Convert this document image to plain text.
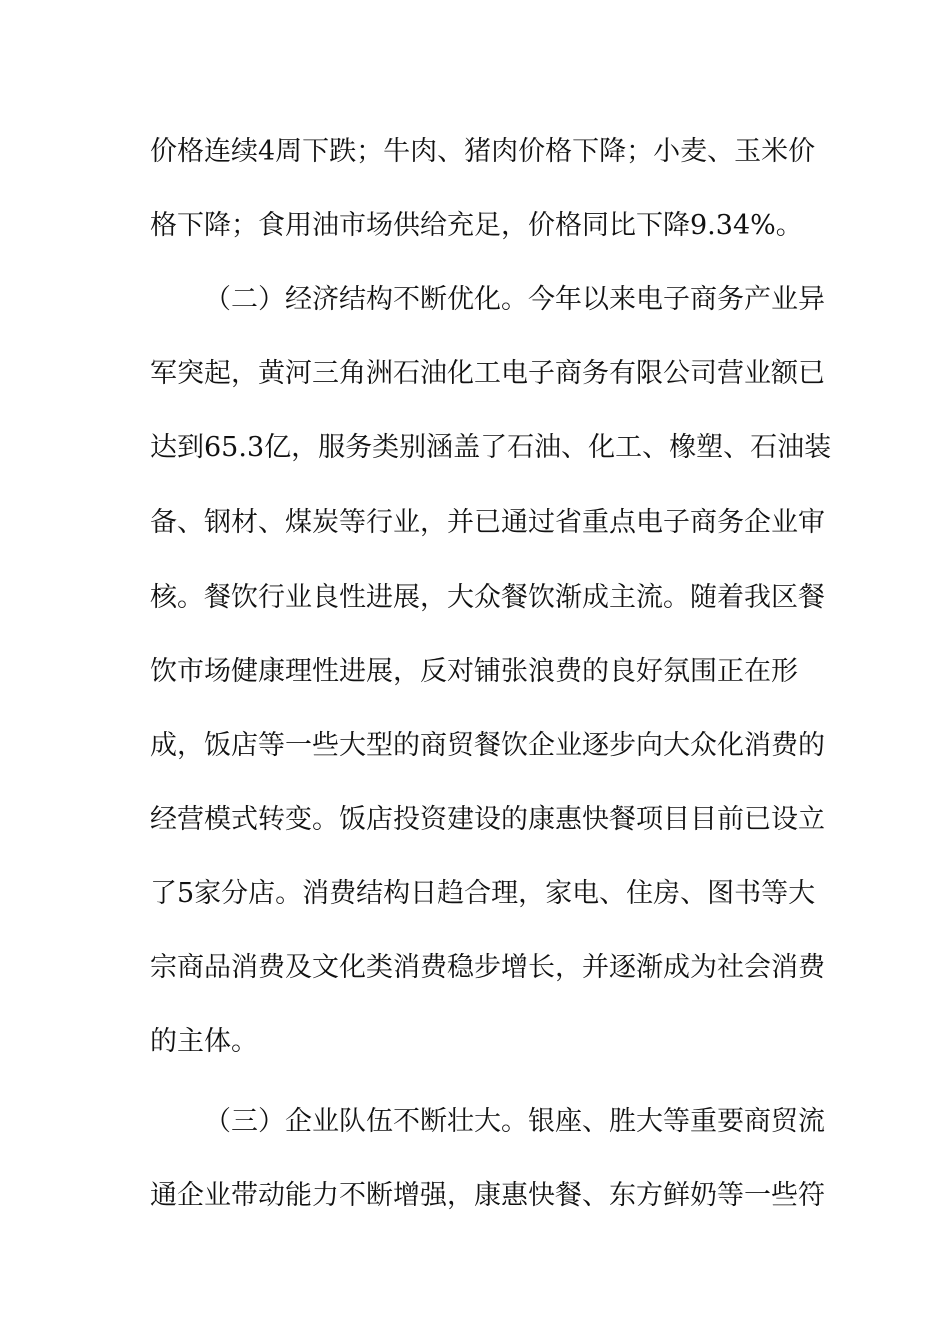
价格连续4周下跌；牛肉、猪肉价格下降；小麦、玉米价

格下降；食用油市场供给充足，价格同比下降9.34%。

（二）经济结构不断优化。今年以来电子商务产业异

军突起，黄河三角洲石油化工电子商务有限公司营业额已

达到65.3亿，服务类别涵盖了石油、化工、橡塑、石油装

备、钢材、煤炭等行业，并已通过省重点电子商务企业审

核。餐饮行业良性进展，大众餐饮渐成主流。随着我区餐

饮市场健康理性进展，反对铺张浪费的良好氛围正在形

成，饭店等一些大型的商贸餐饮企业逐步向大众化消费的

经营模式转变。饭店投资建设的康惠快餐项目目前已设立

了5家分店。消费结构日趋合理，家电、住房、图书等大

宗商品消费及文化类消费稳步增长，并逐渐成为社会消费

的主体。

（三）企业队伍不断壮大。银座、胜大等重要商贸流

通企业带动能力不断增强，康惠快餐、东方鲜奶等一些符
